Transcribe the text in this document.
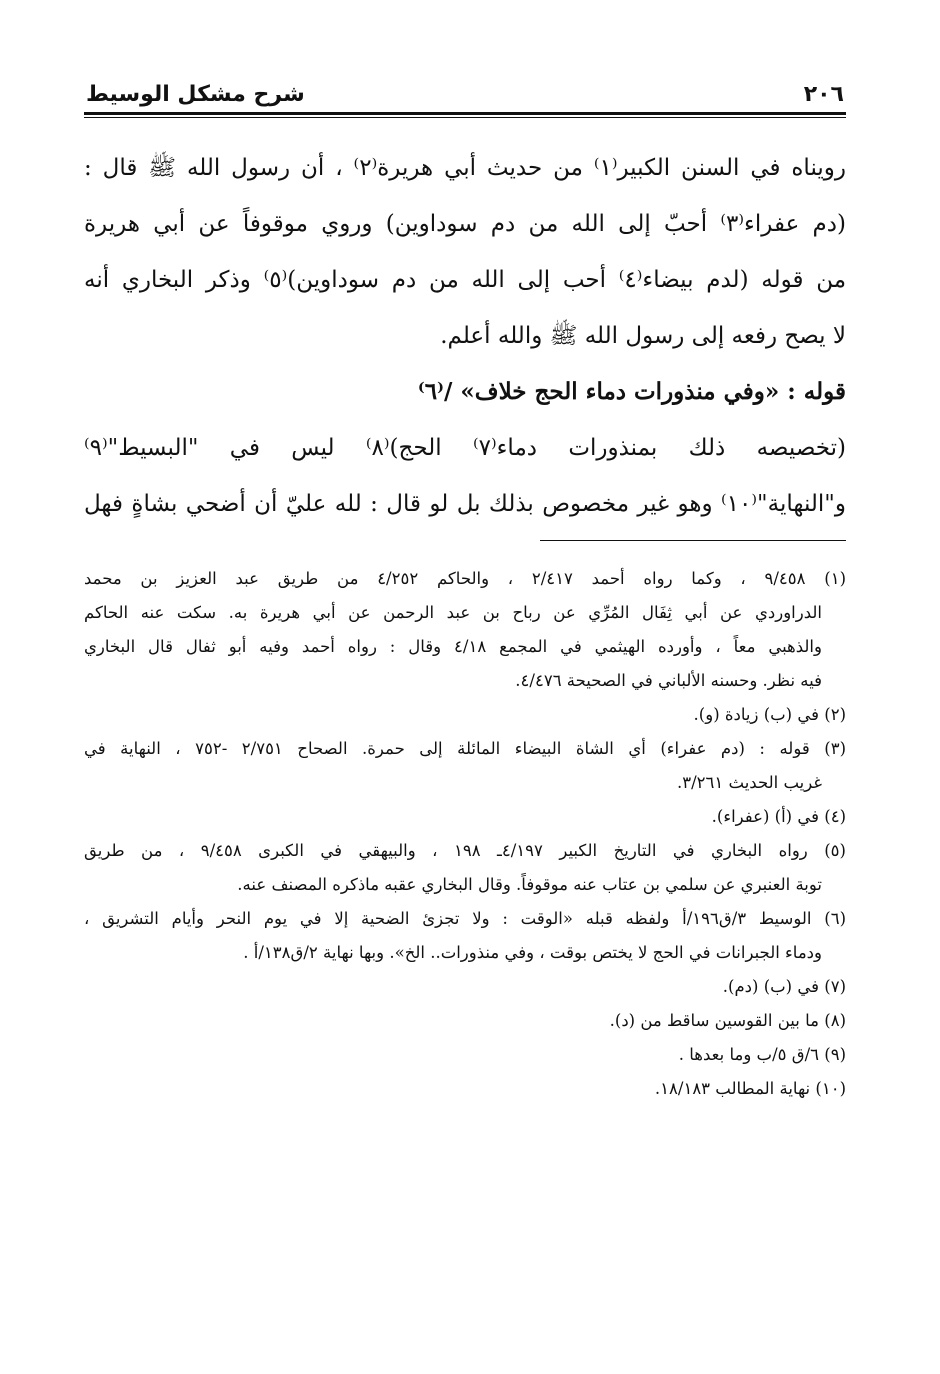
٢٠٦
شرح مشكل الوسيط
رويناه في السنن الكبير⁽١⁾ من حديث أبي هريرة⁽٢⁾ ، أن رسول الله ﷺ قال :
(دم عفراء⁽٣⁾ أحبّ إلى الله من دم سوداوين) وروي موقوفاً عن أبي هريرة
من قوله (لدم بيضاء⁽٤⁾ أحب إلى الله من دم سوداوين)⁽٥⁾ وذكر البخاري أنه
لا يصح رفعه إلى رسول الله ﷺ والله أعلم.
قوله : «وفي منذورات دماء الحج خلاف» /⁽٦⁾
(تخصيصه ذلك بمنذورات دماء⁽٧⁾ الحج)⁽٨⁾ ليس في "البسيط"⁽٩⁾
و"النهاية"⁽١٠⁾ وهو غير مخصوص بذلك بل لو قال : لله عليّ أن أضحي بشاةٍ فهل
(١) ٩/٤٥٨ ، وكما رواه أحمد ٢/٤١٧ ، والحاكم ٤/٢٥٢ من طريق عبد العزيز بن محمد
الدراوردي عن أبي ثِفَال المُرِّي عن رباح بن عبد الرحمن عن أبي هريرة به. سكت عنه الحاكم
والذهبي معاً ، وأورده الهيثمي في المجمع ٤/١٨ وقال : رواه أحمد وفيه أبو ثفال قال البخاري
فيه نظر. وحسنه الألباني في الصحيحة ٤/٤٧٦.
(٢) في (ب) زيادة (و).
(٣) قوله : (دم عفراء) أي الشاة البيضاء المائلة إلى حمرة. الصحاح ٢/٧٥١ -٧٥٢ ، النهاية في
غريب الحديث ٣/٢٦١.
(٤) في (أ) (عفراء).
(٥) رواه البخاري في التاريخ الكبير ٤/١٩٧ـ ١٩٨ ، والبيهقي في الكبرى ٩/٤٥٨ ، من طريق
توبة العنبري عن سلمي بن عتاب عنه موقوفاً. وقال البخاري عقبه ماذكره المصنف عنه.
(٦) الوسيط ٣/ق١٩٦/أ ولفظه قبله «الوقت : ولا تجزئ الضحية إلا في يوم النحر وأيام التشريق ،
ودماء الجبرانات في الحج لا يختص بوقت ، وفي منذورات.. الخ». وبها نهاية ٢/ق١٣٨/أ .
(٧) في (ب) (دم).
(٨) ما بين القوسين ساقط من (د).
(٩) ٦/ق ٥/ب وما بعدها .
(١٠) نهاية المطالب ١٨/١٨٣.
